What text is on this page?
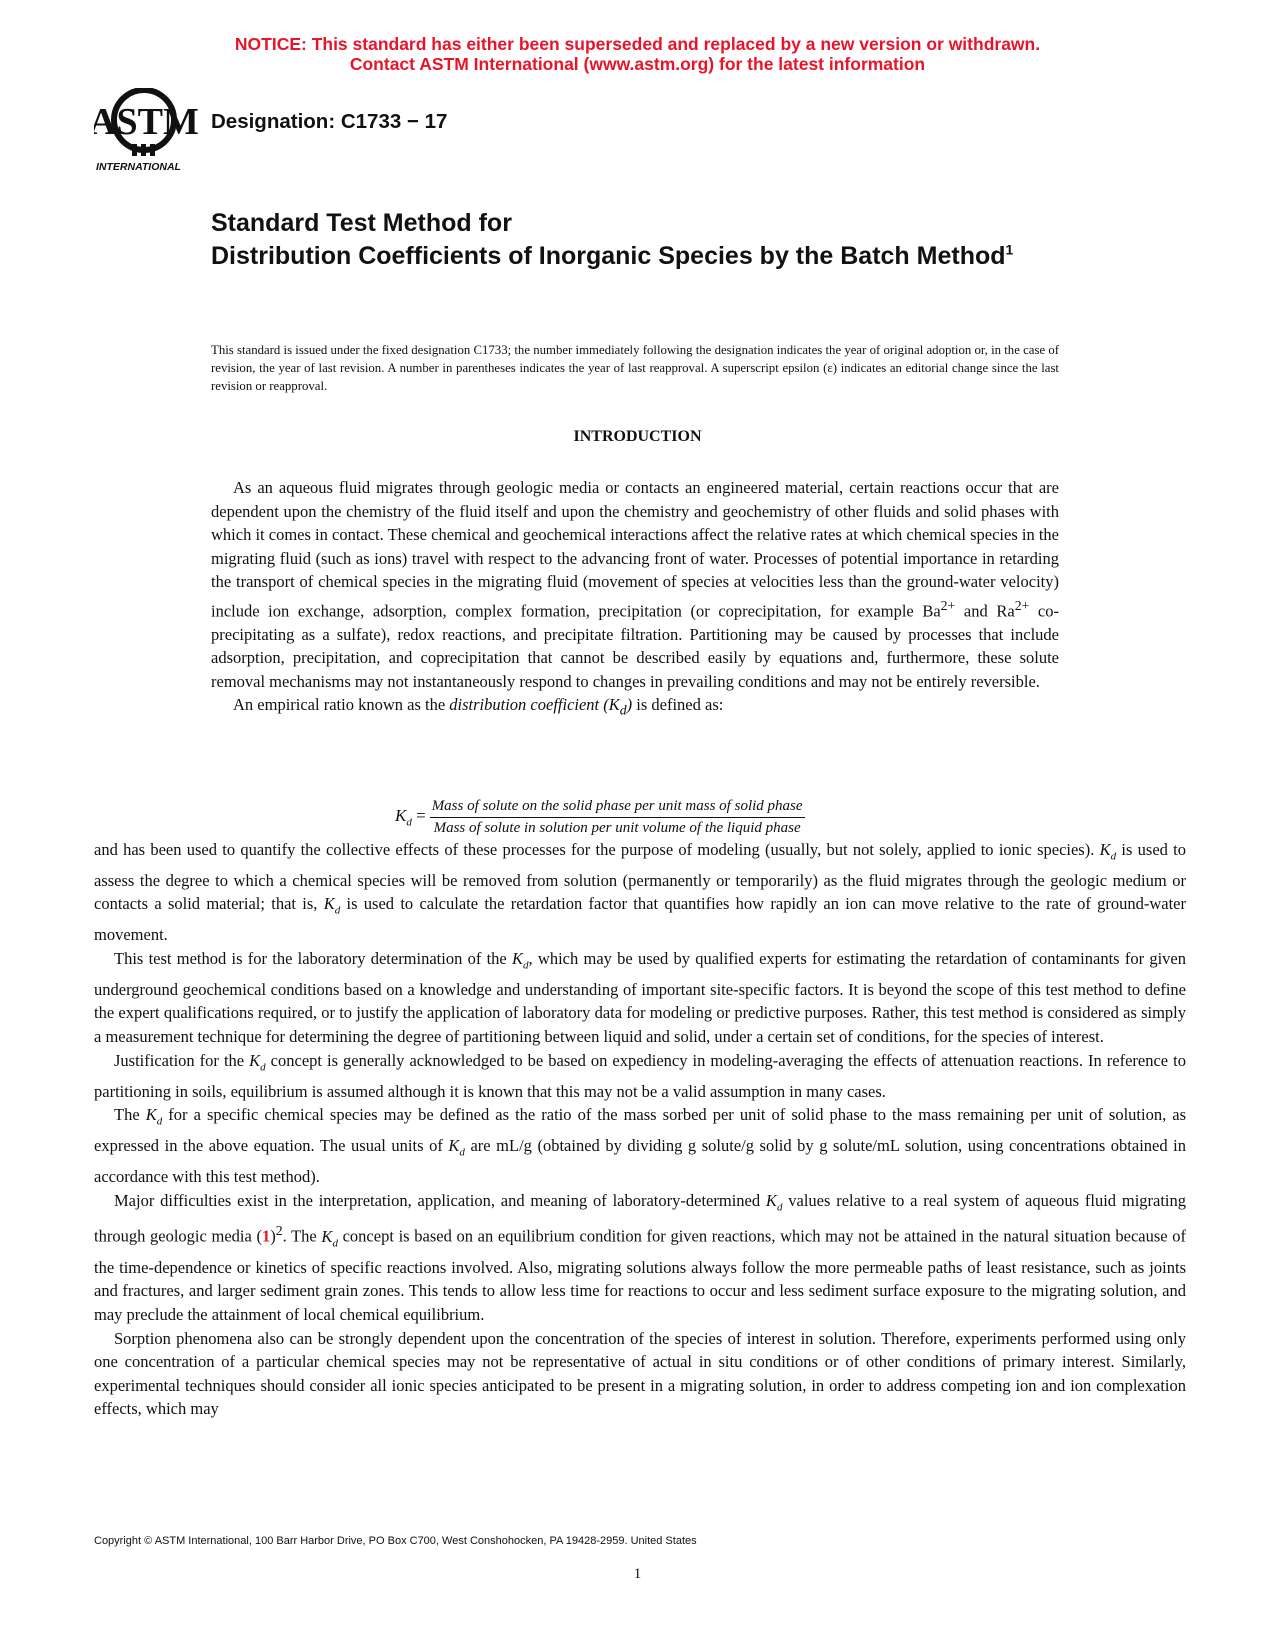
NOTICE: This standard has either been superseded and replaced by a new version or withdrawn.
Contact ASTM International (www.astm.org) for the latest information
ASTM
INTERNATIONAL
Designation: C1733 − 17
Standard Test Method for
Distribution Coefficients of Inorganic Species by the Batch Method$^1$
This standard is issued under the fixed designation C1733; the number immediately following the designation indicates the year of original adoption or, in the case of revision, the year of last revision. A number in parentheses indicates the year of last reapproval. A superscript epsilon (ε) indicates an editorial change since the last revision or reapproval.
INTRODUCTION

As an aqueous fluid migrates through geologic media or contacts an engineered material, certain reactions occur that are dependent upon the chemistry of the fluid itself and upon the chemistry and geochemistry of other fluids and solid phases with which it comes in contact. These chemical and geochemical interactions affect the relative rates at which chemical species in the migrating fluid (such as ions) travel with respect to the advancing front of water. Processes of potential importance in retarding the transport of chemical species in the migrating fluid (movement of species at velocities less than the ground-water velocity) include ion exchange, adsorption, complex formation, precipitation (or coprecipitation, for example $Ba^{2+}$ and $Ra^{2+}$ co-precipitating as a sulfate), redox reactions, and precipitate filtration. Partitioning may be caused by processes that include adsorption, precipitation, and coprecipitation that cannot be described easily by equations and, furthermore, these solute removal mechanisms may not instantaneously respond to changes in prevailing conditions and may not be entirely reversible.

An empirical ratio known as the distribution coefficient $(K_d)$ is defined as:

$K_d$ =
Mass of solute on the solid phase per unit mass of solid phase
Mass of solute in solution per unit volume of the liquid phase

and has been used to quantify the collective effects of these processes for the purpose of modeling (usually, but not solely, applied to ionic species). $K_d$ is used to assess the degree to which a chemical species will be removed from solution (permanently or temporarily) as the fluid migrates through the geologic medium or contacts a solid material; that is, $K_d$ is used to calculate the retardation factor that quantifies how rapidly an ion can move relative to the rate of ground-water movement.

This test method is for the laboratory determination of the $K_d$, which may be used by qualified experts for estimating the retardation of contaminants for given underground geochemical conditions based on a knowledge and understanding of important site-specific factors. It is beyond the scope of this test method to define the expert qualifications required, or to justify the application of laboratory data for modeling or predictive purposes. Rather, this test method is considered as simply a measurement technique for determining the degree of partitioning between liquid and solid, under a certain set of conditions, for the species of interest.

Justification for the $K_d$ concept is generally acknowledged to be based on expediency in modeling-averaging the effects of attenuation reactions. In reference to partitioning in soils, equilibrium is assumed although it is known that this may not be a valid assumption in many cases.

The $K_d$ for a specific chemical species may be defined as the ratio of the mass sorbed per unit of solid phase to the mass remaining per unit of solution, as expressed in the above equation. The usual units of $K_d$ are mL/g (obtained by dividing g solute/g solid by g solute/mL solution, using concentrations obtained in accordance with this test method).

Major difficulties exist in the interpretation, application, and meaning of laboratory-determined $K_d$ values relative to a real system of aqueous fluid migrating through geologic media $(1)^2$. The $K_d$ concept is based on an equilibrium condition for given reactions, which may not be attained in the natural situation because of the time-dependence or kinetics of specific reactions involved. Also, migrating solutions always follow the more permeable paths of least resistance, such as joints and fractures, and larger sediment grain zones. This tends to allow less time for reactions to occur and less sediment surface exposure to the migrating solution, and may preclude the attainment of local chemical equilibrium.

Sorption phenomena also can be strongly dependent upon the concentration of the species of interest in solution. Therefore, experiments performed using only one concentration of a particular chemical species may not be representative of actual in situ conditions or of other conditions of primary interest. Similarly, experimental techniques should consider all ionic species anticipated to be present in a migrating solution, in order to address competing ion and ion complexation effects, which may

Copyright © ASTM International, 100 Barr Harbor Drive, PO Box C700, West Conshohocken, PA 19428-2959. United States
1
